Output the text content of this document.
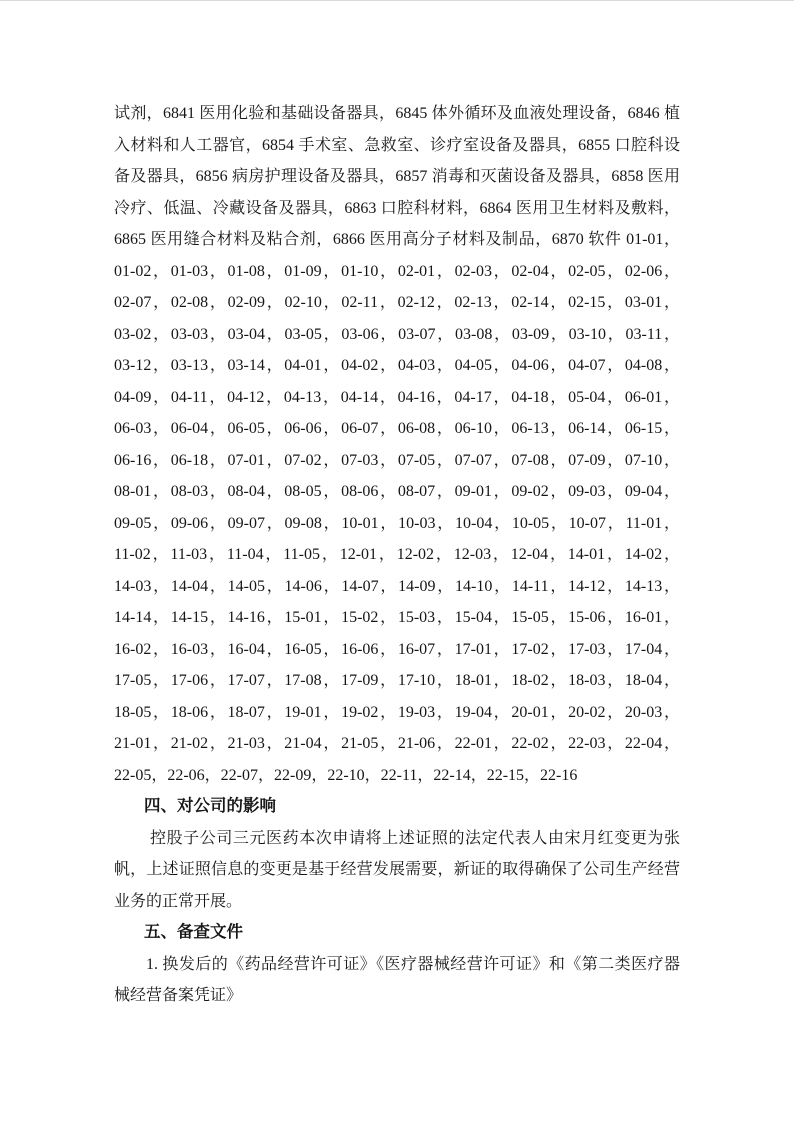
试剂，6841 医用化验和基础设备器具，6845 体外循环及血液处理设备，6846 植
入材料和人工器官，6854 手术室、急救室、诊疗室设备及器具，6855 口腔科设
备及器具，6856 病房护理设备及器具，6857 消毒和灭菌设备及器具，6858 医用
冷疗、低温、冷藏设备及器具，6863 口腔科材料，6864 医用卫生材料及敷料，
6865 医用缝合材料及粘合剂，6866 医用高分子材料及制品，6870 软件 01-01，
01-02，01-03，01-08，01-09，01-10，02-01，02-03，02-04，02-05，02-06，
02-07，02-08，02-09，02-10，02-11，02-12，02-13，02-14，02-15，03-01，
03-02，03-03，03-04，03-05，03-06，03-07，03-08，03-09，03-10，03-11，
03-12，03-13，03-14，04-01，04-02，04-03，04-05，04-06，04-07，04-08，
04-09，04-11，04-12，04-13，04-14，04-16，04-17，04-18，05-04，06-01，
06-03，06-04，06-05，06-06，06-07，06-08，06-10，06-13，06-14，06-15，
06-16，06-18，07-01，07-02，07-03，07-05，07-07，07-08，07-09，07-10，
08-01，08-03，08-04，08-05，08-06，08-07，09-01，09-02，09-03，09-04，
09-05，09-06，09-07，09-08，10-01，10-03，10-04，10-05，10-07，11-01，
11-02，11-03，11-04，11-05，12-01，12-02，12-03，12-04，14-01，14-02，
14-03，14-04，14-05，14-06，14-07，14-09，14-10，14-11，14-12，14-13，
14-14，14-15，14-16，15-01，15-02，15-03，15-04，15-05，15-06，16-01，
16-02，16-03，16-04，16-05，16-06，16-07，17-01，17-02，17-03，17-04，
17-05，17-06，17-07，17-08，17-09，17-10，18-01，18-02，18-03，18-04，
18-05，18-06，18-07，19-01，19-02，19-03，19-04，20-01，20-02，20-03，
21-01，21-02，21-03，21-04，21-05，21-06，22-01，22-02，22-03，22-04，
22-05，22-06，22-07，22-09，22-10，22-11，22-14，22-15，22-16
四、对公司的影响
控股子公司三元医药本次申请将上述证照的法定代表人由宋月红变更为张
帆，上述证照信息的变更是基于经营发展需要，新证的取得确保了公司生产经营
业务的正常开展。
五、备查文件
1. 换发后的《药品经营许可证》《医疗器械经营许可证》和《第二类医疗器
械经营备案凭证》
